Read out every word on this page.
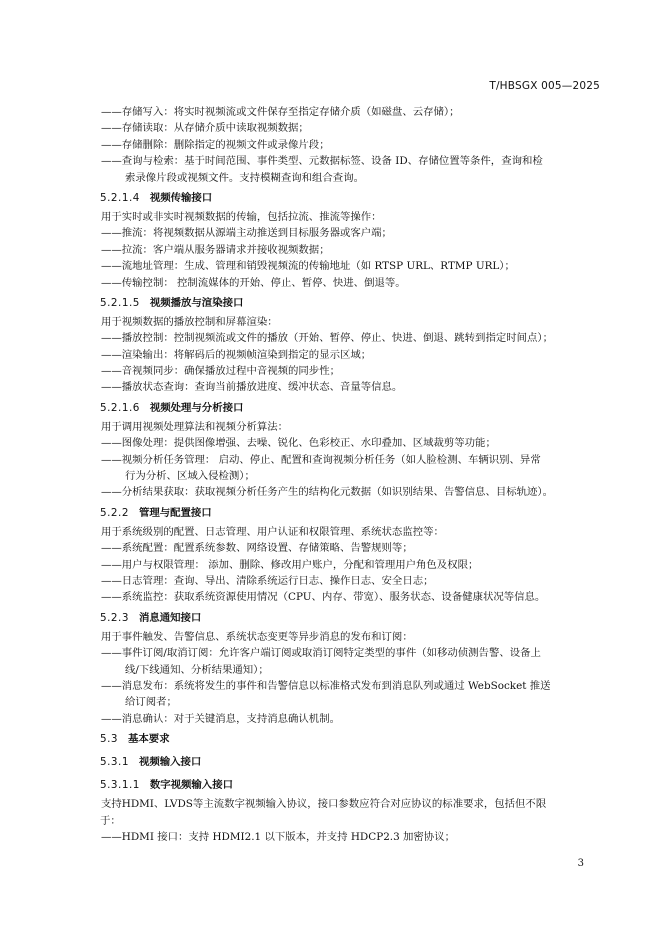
T/HBSGX 005—2025
——存储写入：将实时视频流或文件保存至指定存储介质（如磁盘、云存储）；
——存储读取：从存储介质中读取视频数据；
——存储删除：删除指定的视频文件或录像片段；
——查询与检索：基于时间范围、事件类型、元数据标签、设备 ID、存储位置等条件，查询和检
索录像片段或视频文件。支持模糊查询和组合查询。
5.2.1.4 视频传输接口
用于实时或非实时视频数据的传输，包括拉流、推流等操作：
——推流：将视频数据从源端主动推送到目标服务器或客户端；
——拉流：客户端从服务器请求并接收视频数据；
——流地址管理：生成、管理和销毁视频流的传输地址（如 RTSP URL、RTMP URL）；
——传输控制： 控制流媒体的开始、停止、暂停、快进、倒退等。
5.2.1.5 视频播放与渲染接口
用于视频数据的播放控制和屏幕渲染：
——播放控制：控制视频流或文件的播放（开始、暂停、停止、快进、倒退、跳转到指定时间点）；
——渲染输出：将解码后的视频帧渲染到指定的显示区域；
——音视频同步：确保播放过程中音视频的同步性；
——播放状态查询：查询当前播放进度、缓冲状态、音量等信息。
5.2.1.6 视频处理与分析接口
用于调用视频处理算法和视频分析算法：
——图像处理：提供图像增强、去噪、锐化、色彩校正、水印叠加、区域裁剪等功能；
——视频分析任务管理： 启动、停止、配置和查询视频分析任务（如人脸检测、车辆识别、异常
行为分析、区域入侵检测）；
——分析结果获取：获取视频分析任务产生的结构化元数据（如识别结果、告警信息、目标轨迹）。
5.2.2 管理与配置接口
用于系统级别的配置、日志管理、用户认证和权限管理、系统状态监控等：
——系统配置：配置系统参数、网络设置、存储策略、告警规则等；
——用户与权限管理： 添加、删除、修改用户账户，分配和管理用户角色及权限；
——日志管理：查询、导出、清除系统运行日志、操作日志、安全日志；
——系统监控：获取系统资源使用情况（CPU、内存、带宽）、服务状态、设备健康状况等信息。
5.2.3 消息通知接口
用于事件触发、告警信息、系统状态变更等异步消息的发布和订阅：
——事件订阅/取消订阅：允许客户端订阅或取消订阅特定类型的事件（如移动侦测告警、设备上
线/下线通知、分析结果通知）；
——消息发布：系统将发生的事件和告警信息以标准格式发布到消息队列或通过 WebSocket 推送
给订阅者；
——消息确认：对于关键消息，支持消息确认机制。
5.3 基本要求
5.3.1 视频输入接口
5.3.1.1 数字视频输入接口
支持HDMI、LVDS等主流数字视频输入协议，接口参数应符合对应协议的标准要求，包括但不限
于：
——HDMI 接口：支持 HDMI2.1 以下版本，并支持 HDCP2.3 加密协议；
3
